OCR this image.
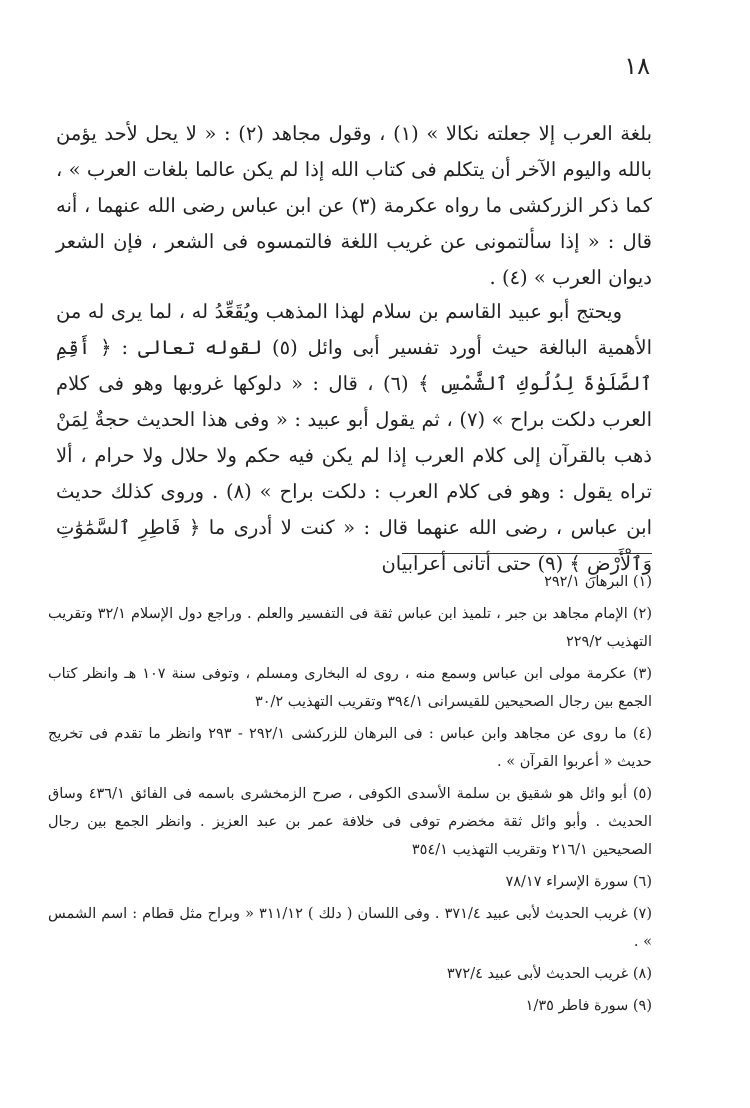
١٨

بلغة العرب إلا جعلته نكالا » (١) ، وقول مجاهد (٢) : « لا يحل لأحد يؤمن بالله واليوم الآخر أن يتكلم فى كتاب الله إذا لم يكن عالما بلغات العرب » ، كما ذكر الزركشى ما رواه عكرمة (٣) عن ابن عباس رضى الله عنهما ، أنه قال : « إذا سألتمونى عن غريب اللغة فالتمسوه فى الشعر ، فإن الشعر ديوان العرب » (٤) .

ويحتج أبو عبيد القاسم بن سلام لهذا المذهب ويُقَعِّدُ له ، لما يرى له من الأهمية البالغة حيث أورد تفسير أبى وائل (٥) لقوله تعالى : ﴿ أَقِمِ ٱلصَّلَوٰةَ لِدُلُوكِ ٱلشَّمْسِ ﴾ (٦) ، قال : « دلوكها غروبها وهو فى كلام العرب دلكت براح » (٧) ، ثم يقول أبو عبيد : « وفى هذا الحديث حجةٌ لِمَنْ ذهب بالقرآن إلى كلام العرب إذا لم يكن فيه حكم ولا حلال ولا حرام ، ألا تراه يقول : وهو فى كلام العرب : دلكت براح » (٨) . وروى كذلك حديث ابن عباس ، رضى الله عنهما قال : « كنت لا أدرى ما ﴿ فَاطِرِ ٱلسَّمَٰوَٰتِ وَٱلْأَرْضِ ﴾ (٩) حتى أتانى أعرابيان

(١) البرهان ٢٩٢/١

(٢) الإمام مجاهد بن جبر ، تلميذ ابن عباس ثقة فى التفسير والعلم . وراجع دول الإسلام ٣٢/١ وتقريب التهذيب ٢٢٩/٢

(٣) عكرمة مولى ابن عباس وسمع منه ، روى له البخارى ومسلم ، وتوفى سنة ١٠٧ هـ وانظر كتاب الجمع بين رجال الصحيحين للقيسرانى ٣٩٤/١ وتقريب التهذيب ٣٠/٢

(٤) ما روى عن مجاهد وابن عباس : فى البرهان للزركشى ٢٩٢/١ - ٢٩٣ وانظر ما تقدم فى تخريج حديث « أعربوا القرآن » .

(٥) أبو وائل هو شقيق بن سلمة الأسدى الكوفى ، صرح الزمخشرى باسمه فى الفائق ٤٣٦/١ وساق الحديث . وأبو وائل ثقة مخضرم توفى فى خلافة عمر بن عبد العزيز . وانظر الجمع بين رجال الصحيحين ٢١٦/١ وتقريب التهذيب ٣٥٤/١

(٦) سورة الإسراء ٧٨/١٧

(٧) غريب الحديث لأبى عبيد ٣٧١/٤ . وفى اللسان ( دلك ) ٣١١/١٢ « وبراح مثل قطام : اسم الشمس » .

(٨) غريب الحديث لأبى عبيد ٣٧٢/٤

(٩) سورة فاطر ١/٣٥
